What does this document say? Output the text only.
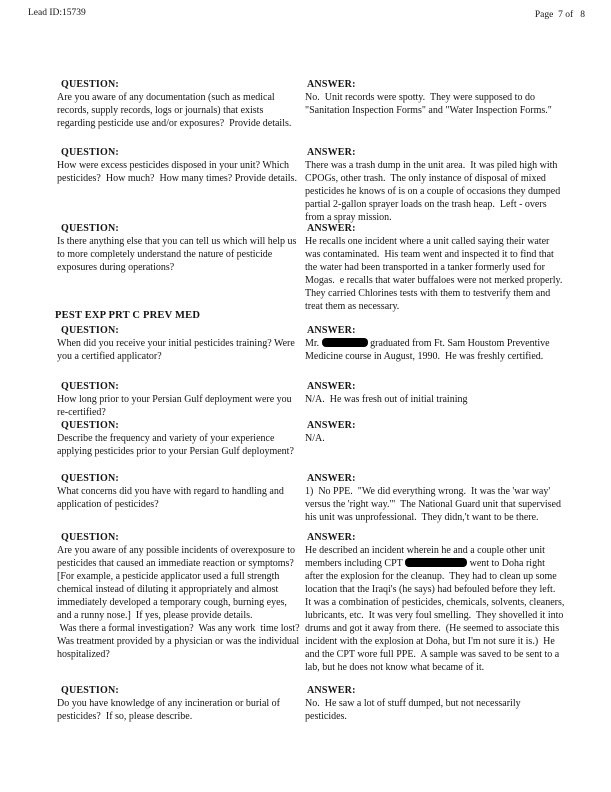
Lead ID:15739	Page  7 of   8
QUESTION:
Are you aware of any documentation (such as medical records, supply records, logs or journals) that exists regarding pesticide use and/or exposures?  Provide details.
ANSWER:
No.  Unit records were spotty.  They were supposed to do "Sanitation Inspection Forms" and "Water Inspection Forms."
QUESTION:
How were excess pesticides disposed in your unit? Which pesticides?  How much?  How many times? Provide details.
ANSWER:
There was a trash dump in the unit area.  It was piled high with CPOGs, other trash.  The only instance of disposal of mixed pesticides he knows of is on a couple of occasions they dumped partial 2-gallon sprayer loads on the trash heap.  Left - overs from a spray mission.
QUESTION:
Is there anything else that you can tell us which will help us to more completely understand the nature of pesticide exposures during operations?
ANSWER:
He recalls one incident where a unit called saying their water was contaminated.  His team went and inspected it to find that the water had been transported in a tanker formerly used for Mogas.  e recalls that water buffaloes were not merked properly.  They carried Chlorines tests with them to testverify them and treat them as necessary.
PEST EXP PRT C PREV MED
QUESTION:
When did you receive your initial pesticides training? Were you a certified applicator?
ANSWER:
Mr.	graduated from Ft. Sam Houstom Preventive Medicine course in August, 1990.  He was freshly certified.
QUESTION:
How long prior to your Persian Gulf deployment were you re-certified?
ANSWER:
N/A.  He was fresh out of initial training
QUESTION:
Describe the frequency and variety of your experience applying pesticides prior to your Persian Gulf deployment?
ANSWER:
N/A.
QUESTION:
What concerns did you have with regard to handling and application of pesticides?
ANSWER:
1)  No PPE.  "We did everything wrong.  It was the 'war way' versus the 'right way.'"  The National Guard unit that supervised his unit was unprofessional.  They didn,'t want to be there.
QUESTION:
Are you aware of any possible incidents of overexposure to pesticides that caused an immediate reaction or symptoms?  [For example, a pesticide applicator used a full strength chemical instead of diluting it appropriately and almost immediately developed a temporary cough, burning eyes, and a runny nose.]  If yes, please provide details.
Was there a formal investigation?  Was any work  time lost?  Was treatment provided by a physician or was the individual hospitalized?
ANSWER:
He described an incident wherein he and a couple other unit members including CPT	went to Doha right after the explosion for the cleanup.  They had to clean up some location that the Iraqi's (he says) had befouled before they left.  It was a combination of pesticides, chemicals, solvents, cleaners, lubricants, etc.  It was very foul smelling.  They shovelled it into drums and got it away from there.  (He seemed to associate this incident with the explosion at Doha, but I'm not sure it is.)  He and the CPT wore full PPE.  A sample was saved to be sent to a lab, but he does not know what became of it.
QUESTION:
Do you have knowledge of any incineration or burial of pesticides?  If so, please describe.
ANSWER:
No.  He saw a lot of stuff dumped, but not necessarily pesticides.
